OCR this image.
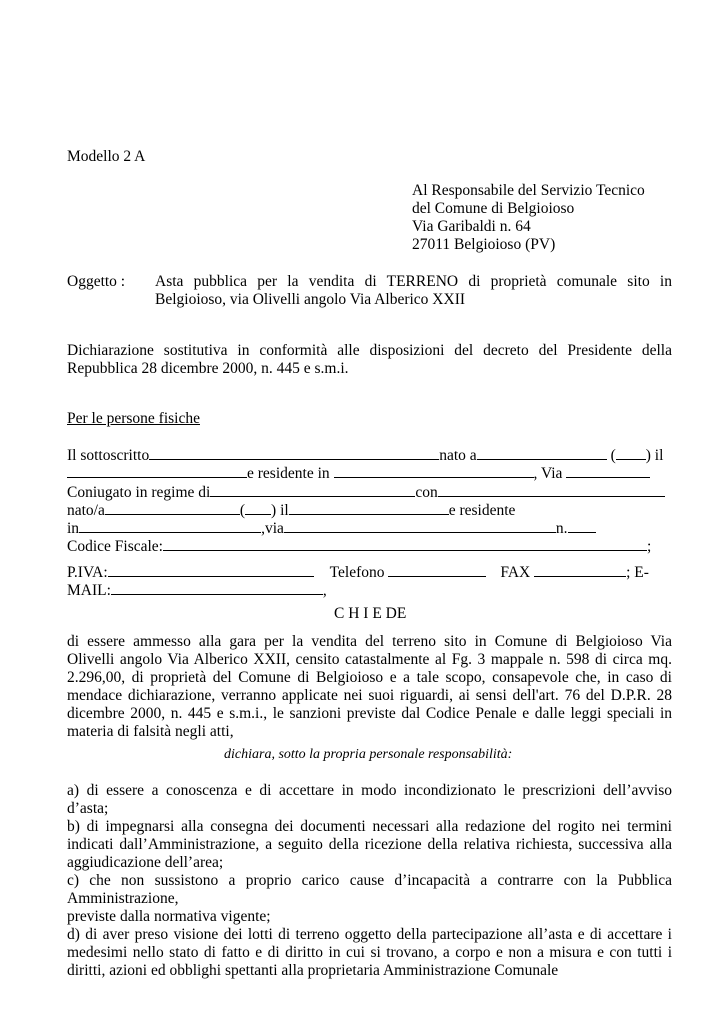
Modello 2 A
Al Responsabile del Servizio Tecnico
del Comune di Belgioioso
Via Garibaldi n. 64
27011 Belgioioso (PV)
Oggetto : Asta pubblica per la vendita di TERRENO di proprietà comunale sito in
Belgioioso, via Olivelli angolo Via Alberico XXII
Dichiarazione sostitutiva in conformità alle disposizioni del decreto del Presidente della
Repubblica 28 dicembre 2000, n. 445 e s.m.i.
Per le persone fisiche
Il sottoscritto	nato a	( ) il
e residente in	, Via
Coniugato in regime di	con
nato/a	( ) il	e residente
in	,via	n.
Codice Fiscale:	;
P.IVA:	Telefono	FAX	; E-
MAIL:	,
C H I E DE
di essere ammesso alla gara per la vendita del terreno sito in Comune di Belgioioso Via
Olivelli angolo Via Alberico XXII, censito catastalmente al Fg. 3 mappale n. 598 di circa mq.
2.296,00, di proprietà del Comune di Belgioioso e a tale scopo, consapevole che, in caso di
mendace dichiarazione, verranno applicate nei suoi riguardi, ai sensi dell'art. 76 del D.P.R. 28
dicembre 2000, n. 445 e s.m.i., le sanzioni previste dal Codice Penale e dalle leggi speciali in
materia di falsità negli atti,
dichiara, sotto la propria personale responsabilità:
a) di essere a conoscenza e di accettare in modo incondizionato le prescrizioni dell’avviso
d’asta;
b) di impegnarsi alla consegna dei documenti necessari alla redazione del rogito nei termini
indicati dall’Amministrazione, a seguito della ricezione della relativa richiesta, successiva alla
aggiudicazione dell’area;
c) che non sussistono a proprio carico cause d’incapacità a contrarre con la Pubblica
Amministrazione,
previste dalla normativa vigente;
d) di aver preso visione dei lotti di terreno oggetto della partecipazione all’asta e di accettare i
medesimi nello stato di fatto e di diritto in cui si trovano, a corpo e non a misura e con tutti i
diritti, azioni ed obblighi spettanti alla proprietaria Amministrazione Comunale
